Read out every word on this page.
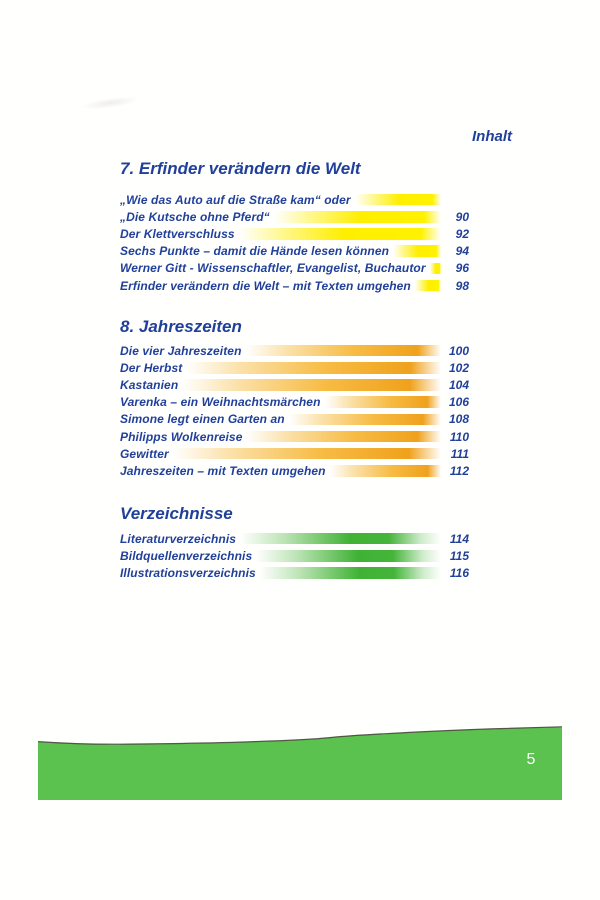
Inhalt
7. Erfinder verändern die Welt
„Wie das Auto auf die Straße kam“ oder
„Die Kutsche ohne Pferd“	90
Der Klettverschluss	92
Sechs Punkte – damit die Hände lesen können	94
Werner Gitt - Wissenschaftler, Evangelist, Buchautor	96
Erfinder verändern die Welt – mit Texten umgehen	98
8. Jahreszeiten
Die vier Jahreszeiten	100
Der Herbst	102
Kastanien	104
Varenka – ein Weihnachtsmärchen	106
Simone legt einen Garten an	108
Philipps Wolkenreise	110
Gewitter	111
Jahreszeiten – mit Texten umgehen	112
Verzeichnisse
Literaturverzeichnis	114
Bildquellenverzeichnis	115
Illustrationsverzeichnis	116
5
